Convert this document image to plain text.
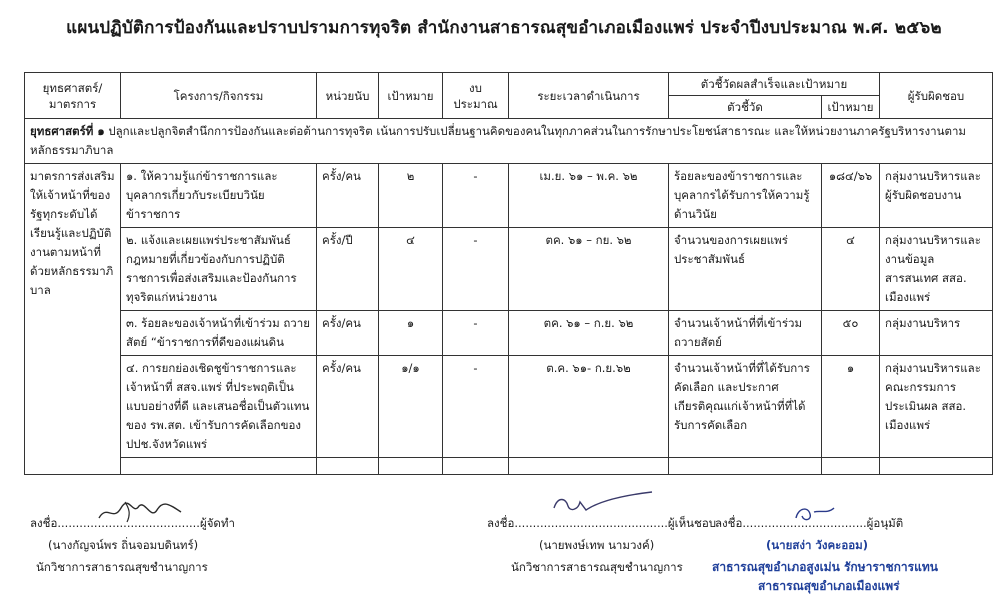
แผนปฏิบัติการป้องกันและปราบปรามการทุจริต สำนักงานสาธารณสุขอำเภอเมืองแพร่ ประจำปีงบประมาณ พ.ศ. ๒๕๖๒
ยุทธศาสตร์/
มาตรการ	โครงการ/กิจกรรม	หน่วยนับ	เป้าหมาย	งบประมาณ	ระยะเวลาดำเนินการ	ตัวชี้วัดผลสำเร็จและเป้าหมาย		ผู้รับผิดชอบ
						ตัวชี้วัด	เป้าหมาย	
ยุทธศาสตร์ที่ ๑ ปลูกและปลูกจิตสำนึกการป้องกันและต่อต้านการทุจริต เน้นการปรับเปลี่ยนฐานคิดของคนในทุกภาคส่วนในการรักษาประโยชน์สาธารณะ และให้หน่วยงานภาครัฐบริหารงานตาม หลักธรรมาภิบาล								
มาตรการส่งเสริมให้เจ้าหน้าที่ของรัฐทุกระดับได้เรียนรู้และปฏิบัติงานตามหน้าที่ด้วยหลักธรรมาภิบาล	๑. ให้ความรู้แก่ข้าราชการและบุคลากรเกี่ยวกับระเบียบวินัยข้าราชการ	ครั้ง/คน	๒	-	เม.ย. ๖๑ – พ.ค. ๖๒	ร้อยละของข้าราชการและบุคลากรได้รับการให้ความรู้ด้านวินัย	๑๘๔/๖๖	กลุ่มงานบริหารและผู้รับผิดชอบงาน
	๒. แจ้งและเผยแพร่ประชาสัมพันธ์กฎหมายที่เกี่ยวข้องกับการปฏิบัติราชการเพื่อส่งเสริมและป้องกันการทุจริตแก่หน่วยงาน	ครั้ง/ปี	๔	-	ตค. ๖๑ – กย. ๖๒	จำนวนของการเผยแพร่ประชาสัมพันธ์	๔	กลุ่มงานบริหารและงานข้อมูลสารสนเทศ สสอ. เมืองแพร่
	๓. ร้อยละของเจ้าหน้าที่เข้าร่วม ถวายสัตย์ “ข้าราชการที่ดีของแผ่นดิน	ครั้ง/คน	๑	-	ตค. ๖๑ – ก.ย. ๖๒	จำนวนเจ้าหน้าที่ที่เข้าร่วมถวายสัตย์	๕๐	กลุ่มงานบริหาร
	๔. การยกย่องเชิดชูข้าราชการและเจ้าหน้าที่ สสจ.แพร่ ที่ประพฤติเป็นแบบอย่างที่ดี และเสนอชื่อเป็นตัวแทนของ รพ.สต. เข้ารับการคัดเลือกของ ปปช.จังหวัดแพร่	ครั้ง/คน	๑/๑	-	ต.ค. ๖๑- ก.ย.๖๒	จำนวนเจ้าหน้าที่ที่ได้รับการคัดเลือก และประกาศเกียรติคุณแก่เจ้าหน้าที่ที่ได้รับการคัดเลือก	๑	กลุ่มงานบริหารและคณะกรรมการประเมินผล สสอ. เมืองแพร่

ลงชื่อ.......................................ผู้จัดทำ
(นางกัญจน์พร ถิ่นจอมบดินทร์)
นักวิชาการสาธารณสุขชำนาญการ
ลงชื่อ..........................................ผู้เห็นชอบ
(นายพงษ์เทพ นามวงค์)
นักวิชาการสาธารณสุขชำนาญการ
ลงชื่อ..................................ผู้อนุมัติ
(นายสง่า วังคะออม)
สาธารณสุขอำเภอสูงเม่น รักษาราชการแทน
สาธารณสุขอำเภอเมืองแพร่
